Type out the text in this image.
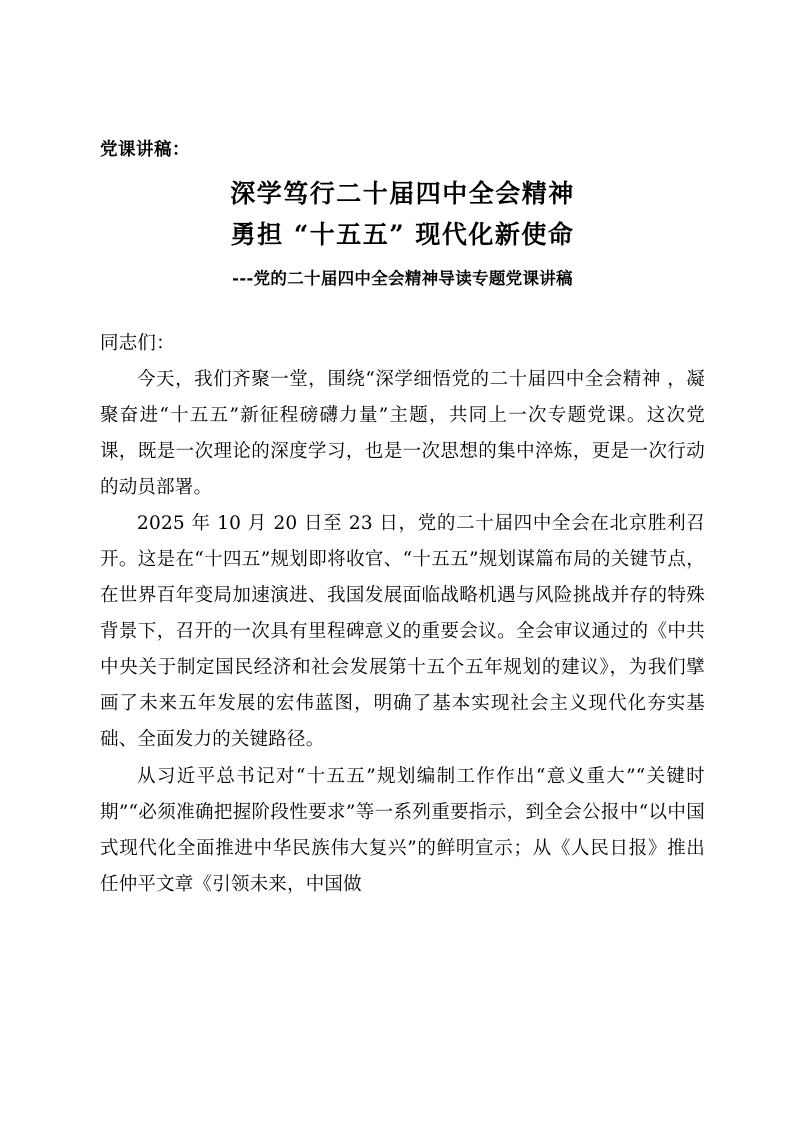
党课讲稿：
深学笃行二十届四中全会精神
勇担 “十五五” 现代化新使命
---党的二十届四中全会精神导读专题党课讲稿

同志们：

今天，我们齐聚一堂，围绕“深学细悟党的二十届四中全会精神 ，凝聚奋进“十五五”新征程磅礴力量”主题，共同上一次专题党课。这次党课，既是一次理论的深度学习，也是一次思想的集中淬炼，更是一次行动的动员部署。

2025 年 10 月 20 日至 23 日，党的二十届四中全会在北京胜利召开。这是在“十四五”规划即将收官、“十五五”规划谋篇布局的关键节点，在世界百年变局加速演进、我国发展面临战略机遇与风险挑战并存的特殊背景下，召开的一次具有里程碑意义的重要会议。全会审议通过的《中共中央关于制定国民经济和社会发展第十五个五年规划的建议》，为我们擘画了未来五年发展的宏伟蓝图，明确了基本实现社会主义现代化夯实基础、全面发力的关键路径。

从习近平总书记对“十五五”规划编制工作作出“意义重大”“关键时期”“必须准确把握阶段性要求”等一系列重要指示，到全会公报中“以中国式现代化全面推进中华民族伟大复兴”的鲜明宣示；从《人民日报》推出任仲平文章《引领未来，中国做
